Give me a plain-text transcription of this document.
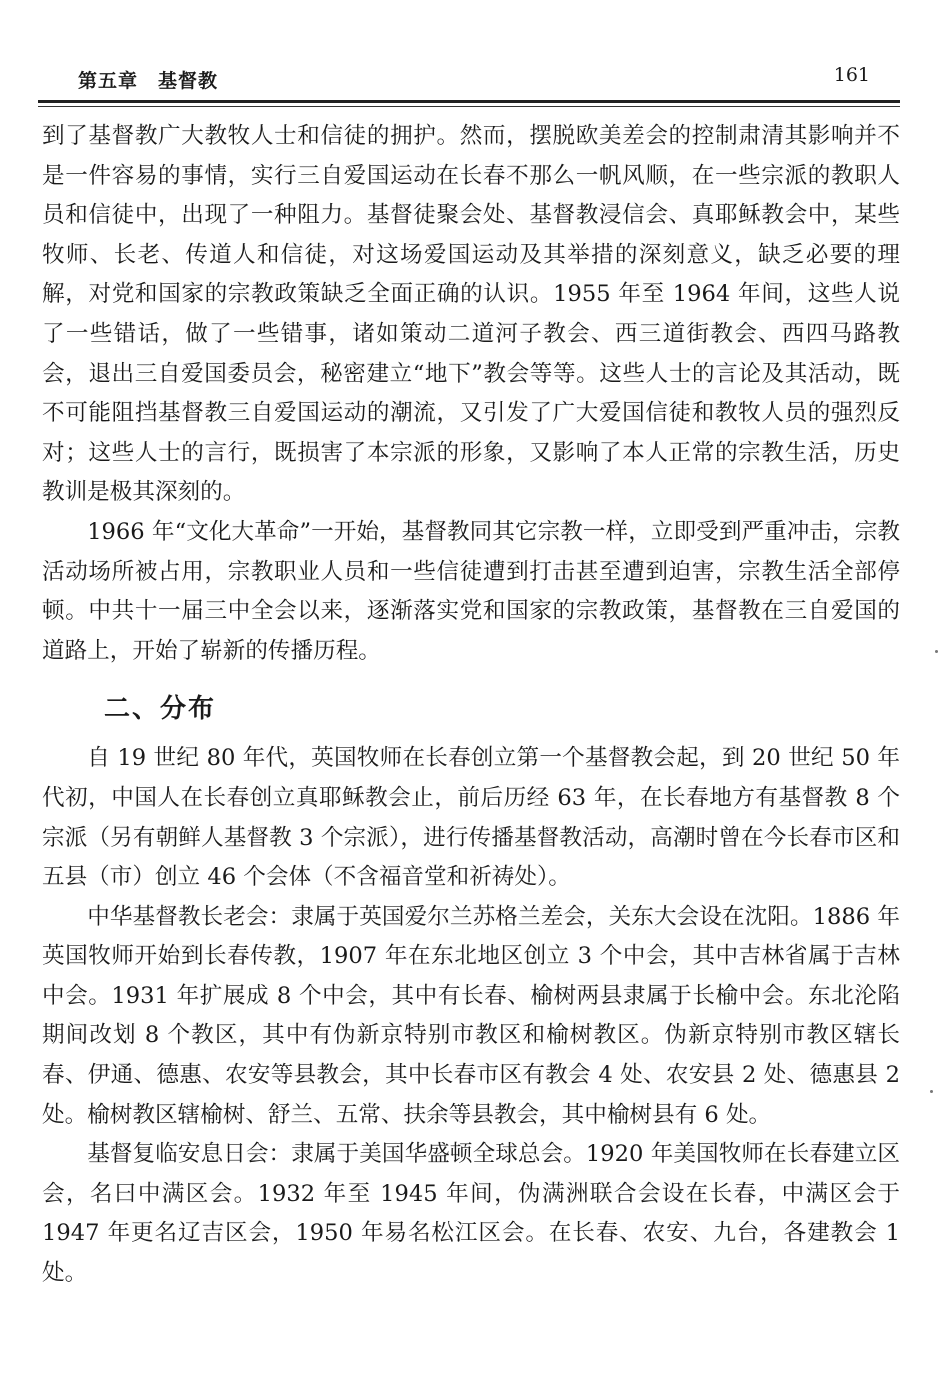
第五章　基督教	161

到了基督教广大教牧人士和信徒的拥护。然而，摆脱欧美差会的控制肃清其影响并不是一件容易的事情，实行三自爱国运动在长春不那么一帆风顺，在一些宗派的教职人员和信徒中，出现了一种阻力。基督徒聚会处、基督教浸信会、真耶稣教会中，某些牧师、长老、传道人和信徒，对这场爱国运动及其举措的深刻意义，缺乏必要的理解，对党和国家的宗教政策缺乏全面正确的认识。1955 年至 1964 年间，这些人说了一些错话，做了一些错事，诸如策动二道河子教会、西三道街教会、西四马路教会，退出三自爱国委员会，秘密建立“地下”教会等等。这些人士的言论及其活动，既不可能阻挡基督教三自爱国运动的潮流，又引发了广大爱国信徒和教牧人员的强烈反对；这些人士的言行，既损害了本宗派的形象，又影响了本人正常的宗教生活，历史教训是极其深刻的。

1966 年“文化大革命”一开始，基督教同其它宗教一样，立即受到严重冲击，宗教活动场所被占用，宗教职业人员和一些信徒遭到打击甚至遭到迫害，宗教生活全部停顿。中共十一届三中全会以来，逐渐落实党和国家的宗教政策，基督教在三自爱国的道路上，开始了崭新的传播历程。

二、分布

自 19 世纪 80 年代，英国牧师在长春创立第一个基督教会起，到 20 世纪 50 年代初，中国人在长春创立真耶稣教会止，前后历经 63 年，在长春地方有基督教 8 个宗派（另有朝鲜人基督教 3 个宗派），进行传播基督教活动，高潮时曾在今长春市区和五县（市）创立 46 个会体（不含福音堂和祈祷处）。

中华基督教长老会：隶属于英国爱尔兰苏格兰差会，关东大会设在沈阳。1886 年英国牧师开始到长春传教，1907 年在东北地区创立 3 个中会，其中吉林省属于吉林中会。1931 年扩展成 8 个中会，其中有长春、榆树两县隶属于长榆中会。东北沦陷期间改划 8 个教区，其中有伪新京特别市教区和榆树教区。伪新京特别市教区辖长春、伊通、德惠、农安等县教会，其中长春市区有教会 4 处、农安县 2 处、德惠县 2 处。榆树教区辖榆树、舒兰、五常、扶余等县教会，其中榆树县有 6 处。

基督复临安息日会：隶属于美国华盛顿全球总会。1920 年美国牧师在长春建立区会，名曰中满区会。1932 年至 1945 年间，伪满洲联合会设在长春，中满区会于 1947 年更名辽吉区会，1950 年易名松江区会。在长春、农安、九台，各建教会 1 处。
